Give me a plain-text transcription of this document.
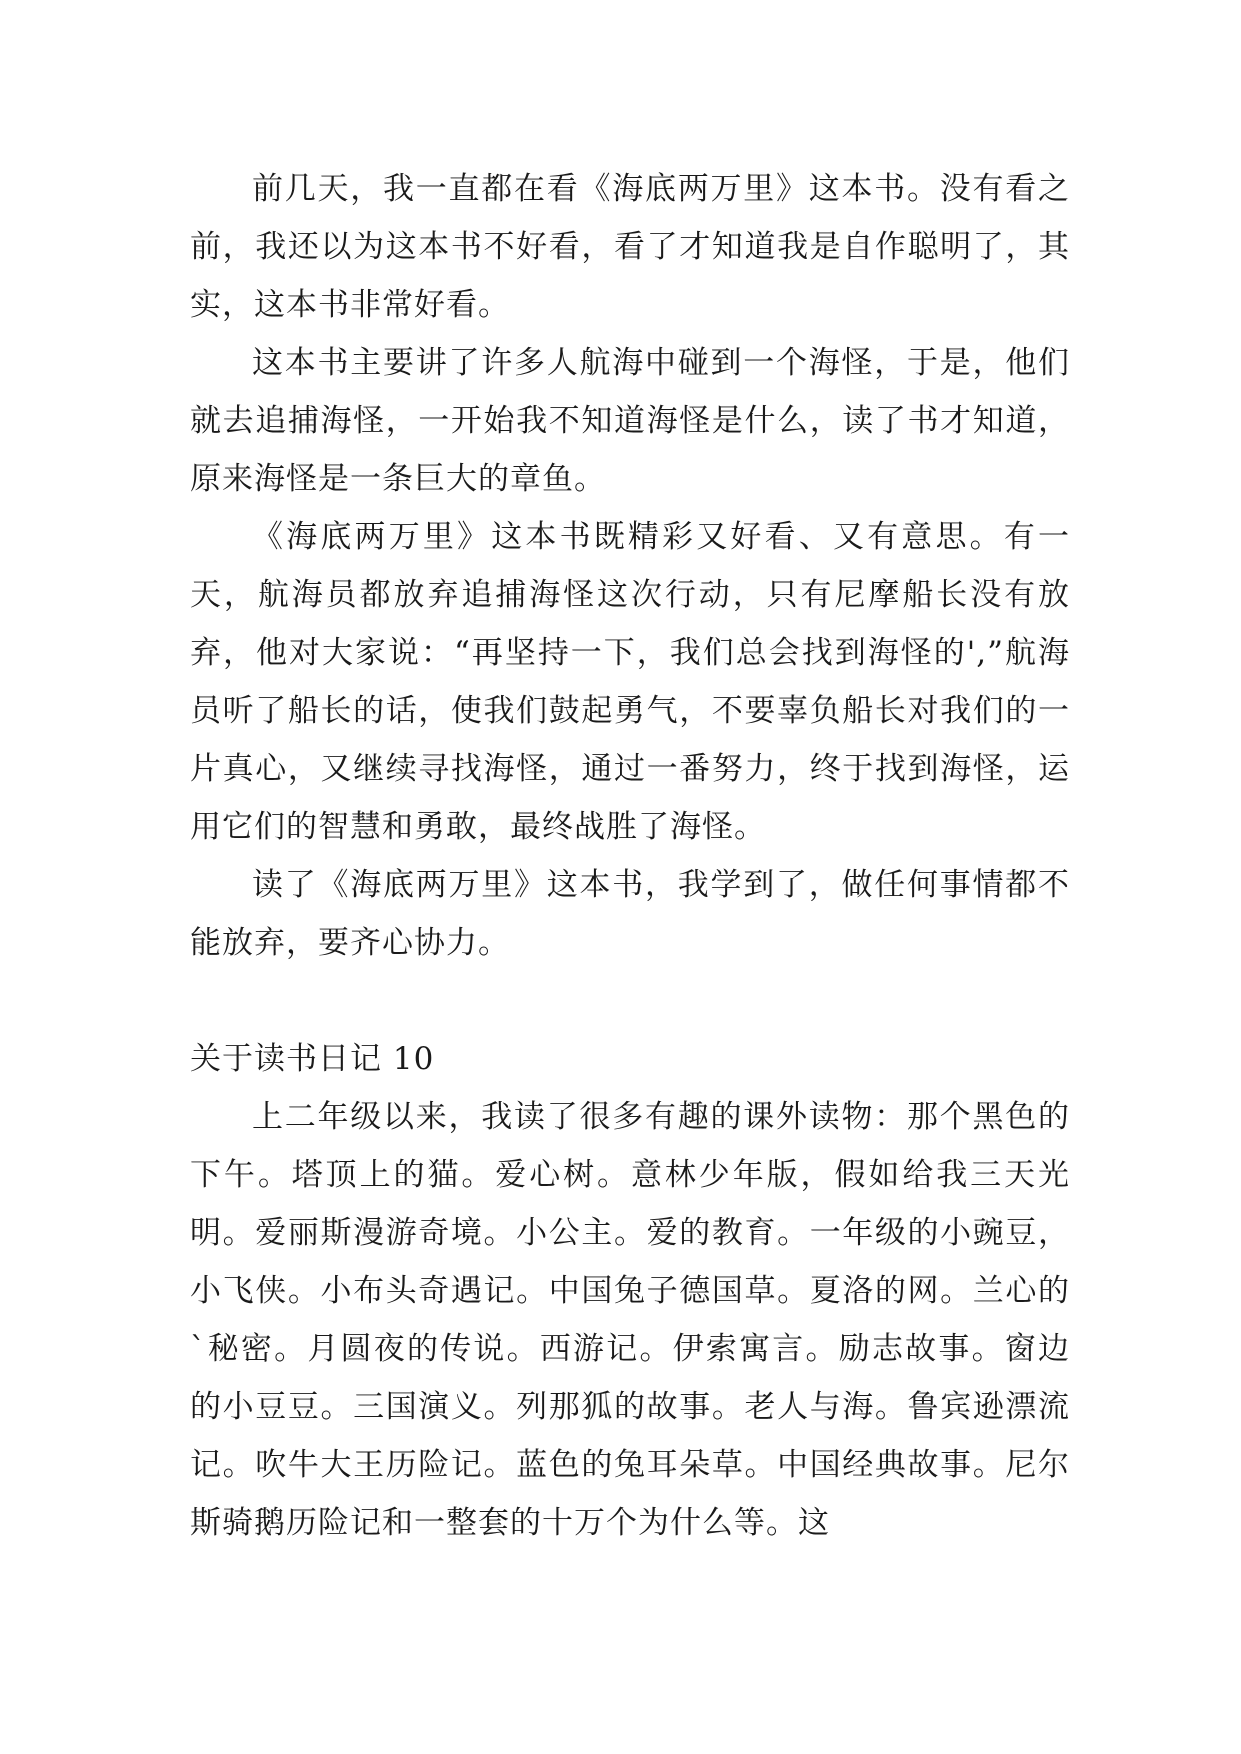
前几天，我一直都在看《海底两万里》这本书。没有看之前，我还以为这本书不好看，看了才知道我是自作聪明了，其实，这本书非常好看。

这本书主要讲了许多人航海中碰到一个海怪，于是，他们就去追捕海怪，一开始我不知道海怪是什么，读了书才知道，原来海怪是一条巨大的章鱼。

《海底两万里》这本书既精彩又好看、又有意思。有一天，航海员都放弃追捕海怪这次行动，只有尼摩船长没有放弃，他对大家说：“再坚持一下，我们总会找到海怪的',”航海员听了船长的话，使我们鼓起勇气，不要辜负船长对我们的一片真心，又继续寻找海怪，通过一番努力，终于找到海怪，运用它们的智慧和勇敢，最终战胜了海怪。

读了《海底两万里》这本书，我学到了，做任何事情都不能放弃，要齐心协力。

关于读书日记 10

上二年级以来，我读了很多有趣的课外读物：那个黑色的下午。塔顶上的猫。爱心树。意林少年版，假如给我三天光明。爱丽斯漫游奇境。小公主。爱的教育。一年级的小豌豆，小飞侠。小布头奇遇记。中国兔子德国草。夏洛的网。兰心的`秘密。月圆夜的传说。西游记。伊索寓言。励志故事。窗边的小豆豆。三国演义。列那狐的故事。老人与海。鲁宾逊漂流记。吹牛大王历险记。蓝色的兔耳朵草。中国经典故事。尼尔斯骑鹅历险记和一整套的十万个为什么等。这
